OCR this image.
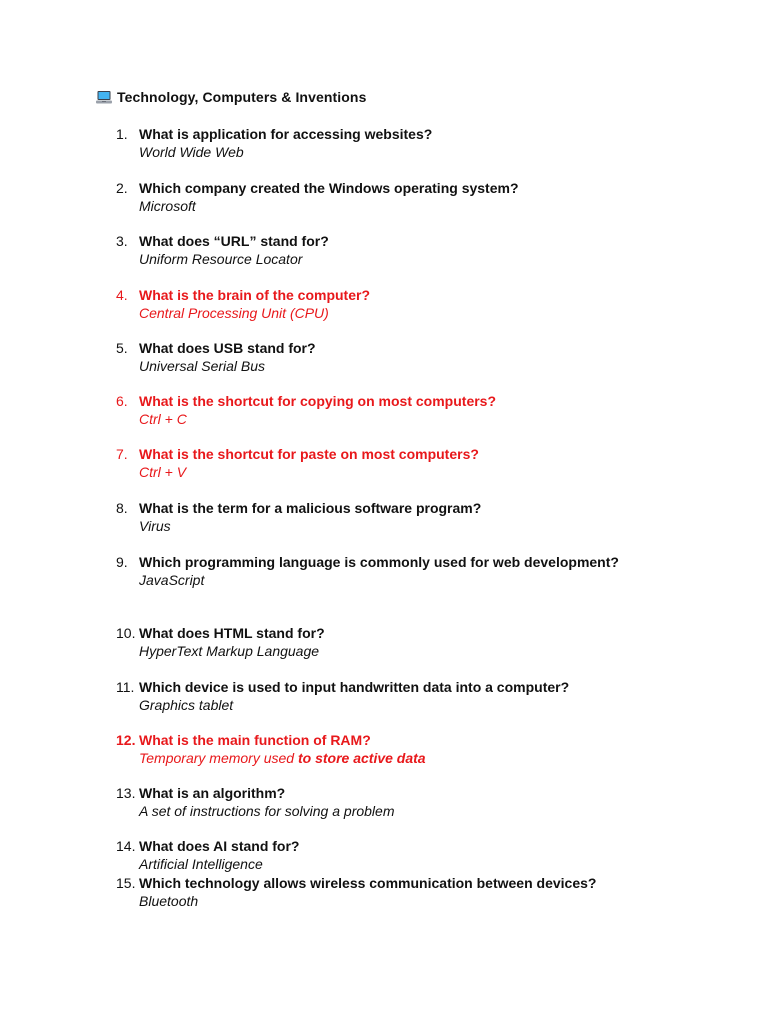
Technology, Computers & Inventions
1. What is application for accessing websites?
World Wide Web
2. Which company created the Windows operating system?
Microsoft
3. What does “URL” stand for?
Uniform Resource Locator
4. What is the brain of the computer?
Central Processing Unit (CPU)
5. What does USB stand for?
Universal Serial Bus
6. What is the shortcut for copying on most computers?
Ctrl + C
7. What is the shortcut for paste on most computers?
Ctrl + V
8. What is the term for a malicious software program?
Virus
9. Which programming language is commonly used for web development?
JavaScript
10. What does HTML stand for?
HyperText Markup Language
11. Which device is used to input handwritten data into a computer?
Graphics tablet
12. What is the main function of RAM?
Temporary memory used to store active data
13. What is an algorithm?
A set of instructions for solving a problem
14. What does AI stand for?
Artificial Intelligence
15. Which technology allows wireless communication between devices?
Bluetooth
